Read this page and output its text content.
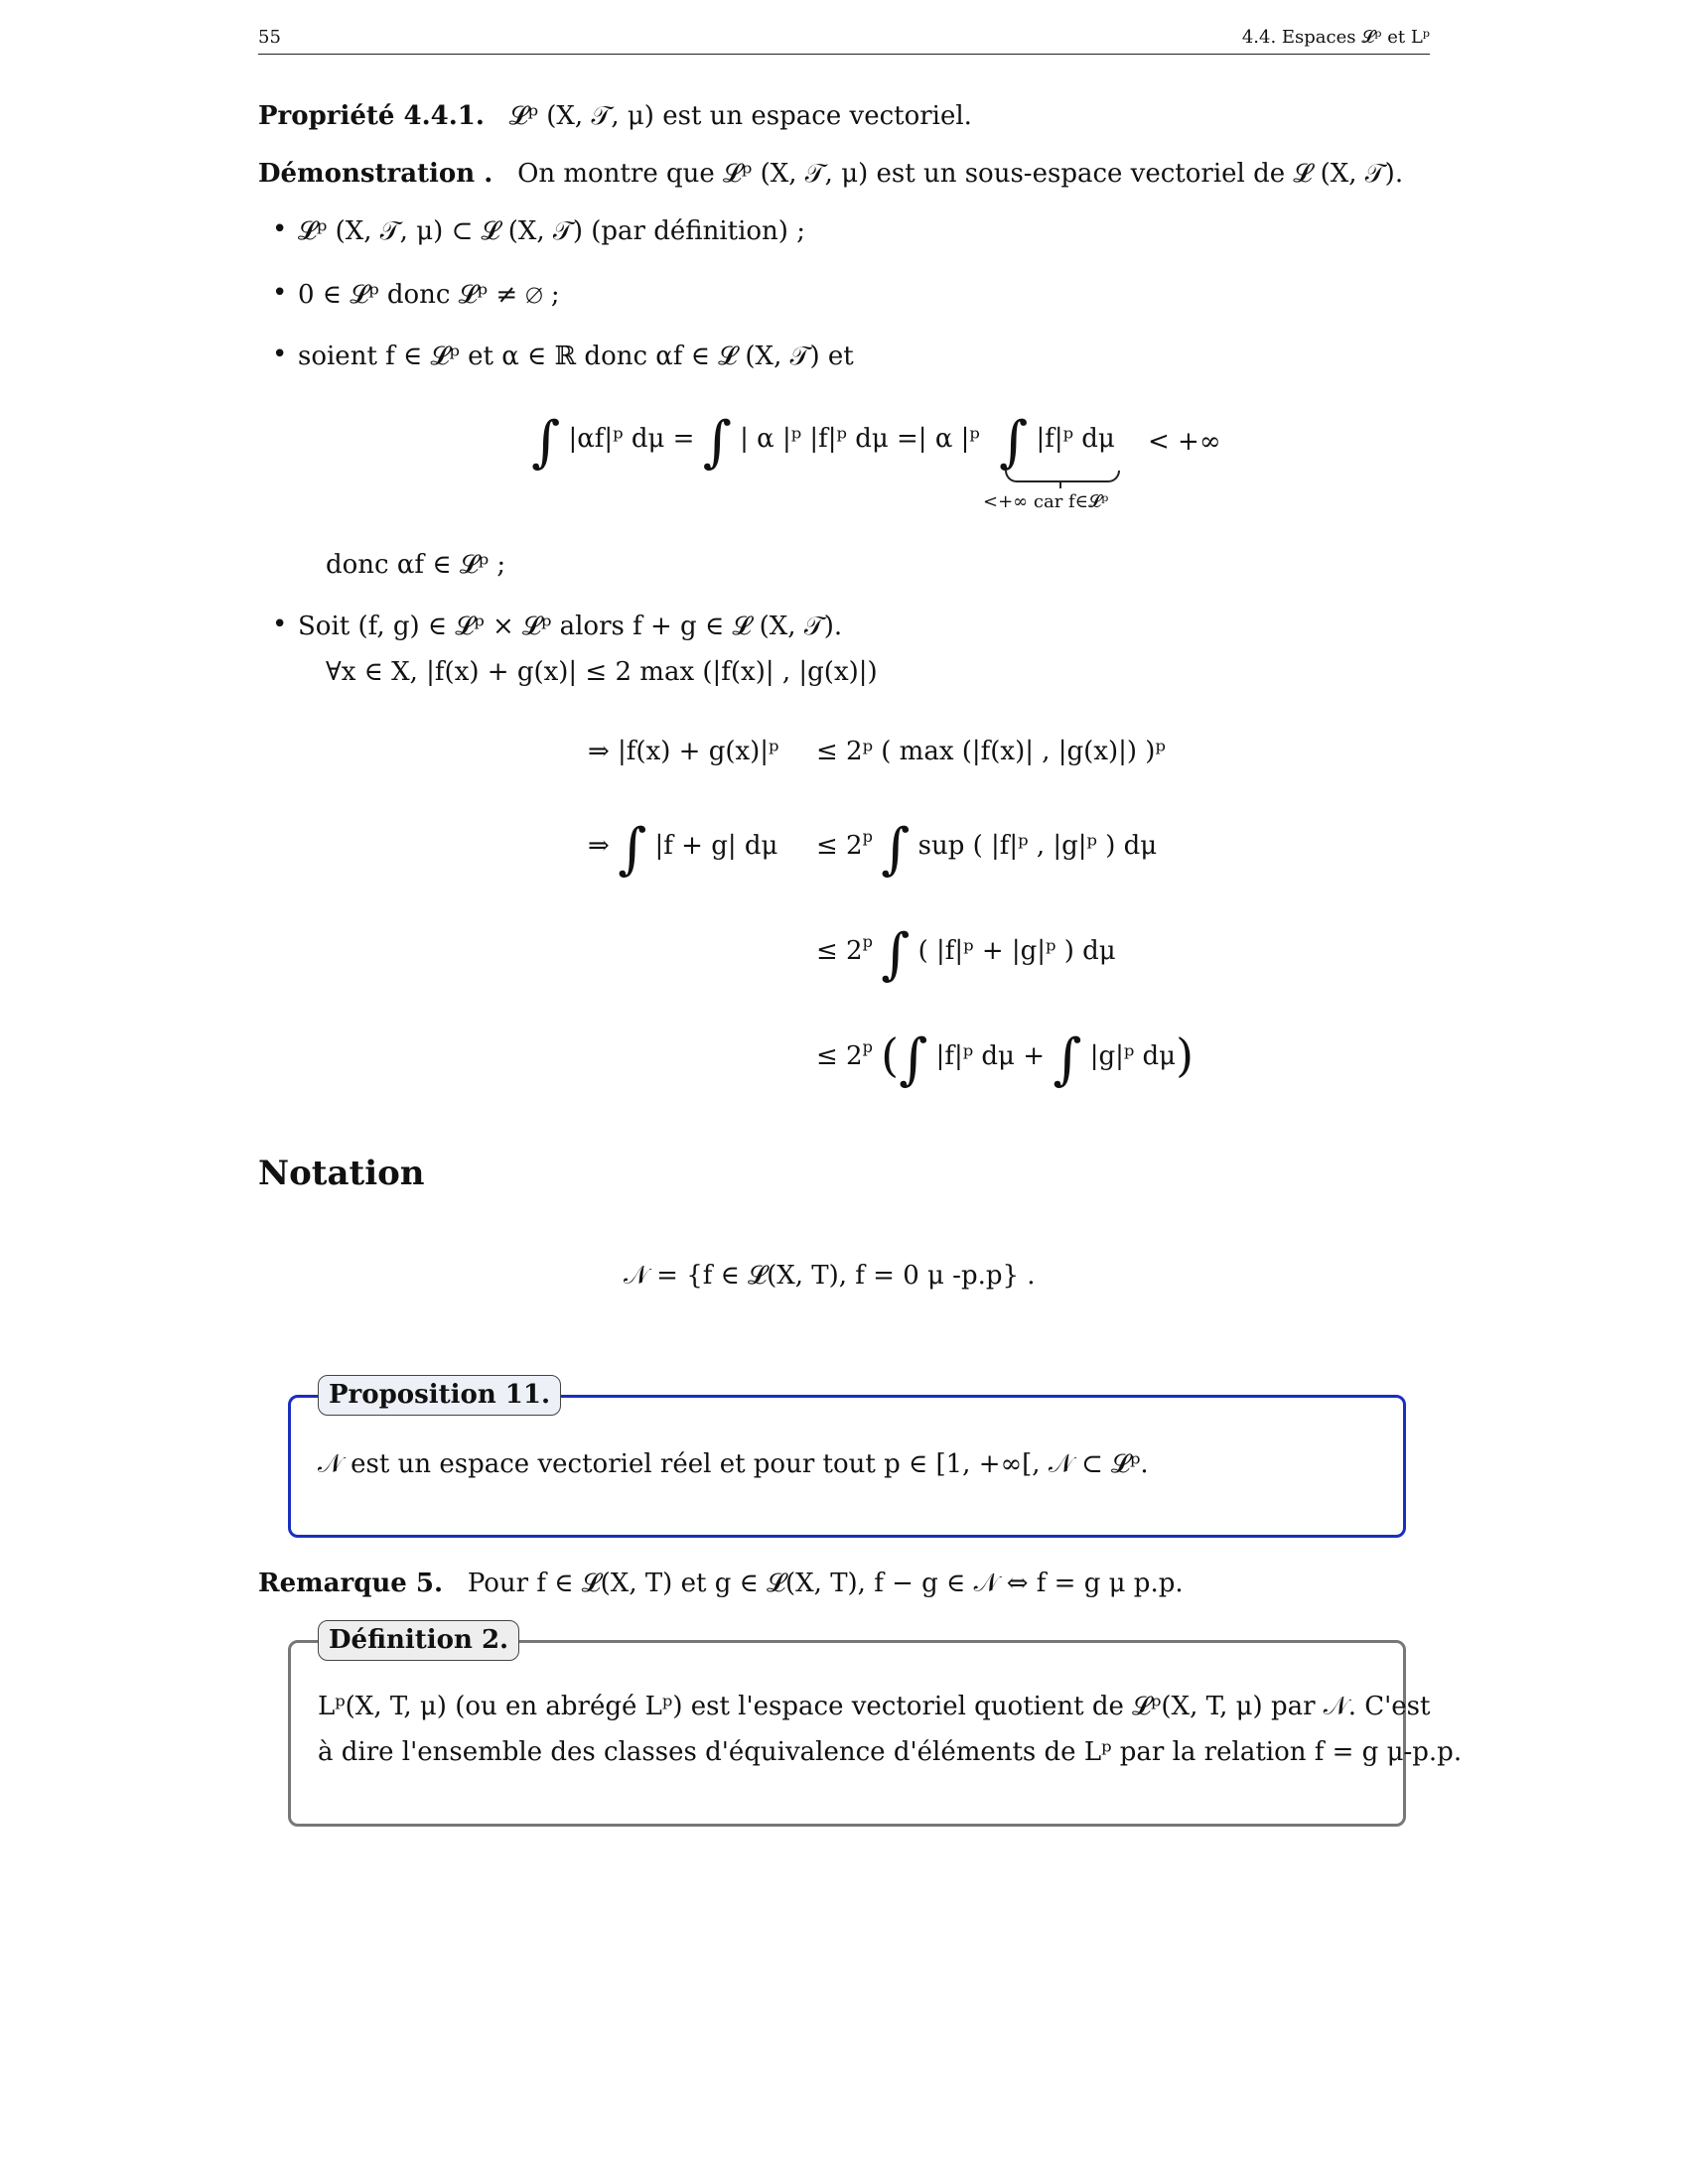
55	4.4. Espaces 𝓛ᵖ et Lᵖ
Propriété 4.4.1. 𝓛ᵖ (X, 𝒯, μ) est un espace vectoriel.
Démonstration . On montre que 𝓛ᵖ (X, 𝒯, μ) est un sous-espace vectoriel de 𝓛 (X, 𝒯).
• 𝓛ᵖ (X, 𝒯, μ) ⊂ 𝓛 (X, 𝒯) (par définition) ;
• 0 ∈ 𝓛ᵖ donc 𝓛ᵖ ≠ ∅ ;
• soient f ∈ 𝓛ᵖ et α ∈ ℝ donc αf ∈ 𝓛 (X, 𝒯) et
∫ |αf|ᵖ dμ = ∫ | α |ᵖ |f|ᵖ dμ =| α |ᵖ ∫ |f|ᵖ dμ
<+∞ car f∈𝓛ᵖ
< +∞
donc αf ∈ 𝓛ᵖ ;
• Soit (f, g) ∈ 𝓛ᵖ × 𝓛ᵖ alors f + g ∈ 𝓛 (X, 𝒯).
∀x ∈ X, |f(x) + g(x)| ≤ 2 max (|f(x)| , |g(x)|)
⇒ |f(x) + g(x)|ᵖ ≤ 2ᵖ ( max (|f(x)| , |g(x)|) )ᵖ
⇒ ∫ |f + g| $d\mu \le 2^p$ ∫ sup ( |f|ᵖ , |g|ᵖ ) dμ
≤ $2^p$ ∫ ( |f|ᵖ + |g|ᵖ ) dμ
≤ $2^p$ (∫ |f|ᵖ dμ + ∫ |g|ᵖ dμ)
Notation
𝒩 = {f ∈ 𝓛(X, T), f = 0 μ -p.p} .
Proposition 11.
𝒩 est un espace vectoriel réel et pour tout p ∈ [1, +∞[, 𝒩 ⊂ 𝓛ᵖ.
Remarque 5. Pour f ∈ 𝓛(X, T) et g ∈ 𝓛(X, T), f − g ∈ 𝒩 ⇔ f = g μ p.p.
Définition 2.
Lᵖ(X, T, μ) (ou en abrégé Lᵖ) est l'espace vectoriel quotient de 𝓛ᵖ(X, T, μ) par 𝒩. C'est
à dire l'ensemble des classes d'équivalence d'éléments de Lᵖ par la relation f = g μ-p.p.
